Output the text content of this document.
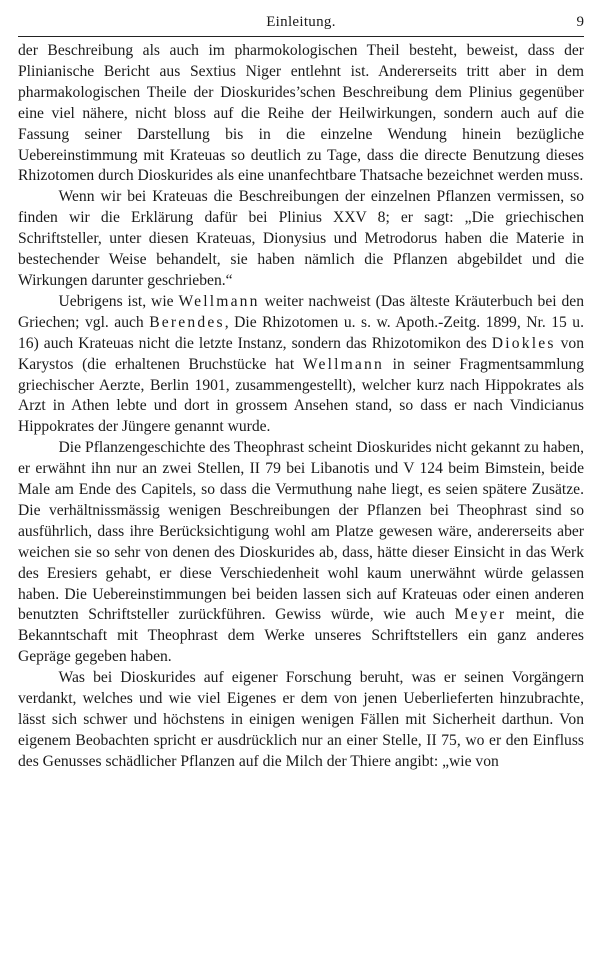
Einleitung.	9

der Beschreibung als auch im pharmokologischen Theil besteht, beweist, dass der Plinianische Bericht aus Sextius Niger entlehnt ist. Andererseits tritt aber in dem pharmakologischen Theile der Dioskurides’schen Beschreibung dem Plinius gegenüber eine viel nähere, nicht bloss auf die Reihe der Heilwirkungen, sondern auch auf die Fassung seiner Darstellung bis in die einzelne Wendung hinein bezügliche Uebereinstimmung mit Krateuas so deutlich zu Tage, dass die directe Benutzung dieses Rhizotomen durch Dioskurides als eine unanfechtbare Thatsache bezeichnet werden muss.

Wenn wir bei Krateuas die Beschreibungen der einzelnen Pflanzen vermissen, so finden wir die Erklärung dafür bei Plinius XXV 8; er sagt: „Die griechischen Schriftsteller, unter diesen Krateuas, Dionysius und Metrodorus haben die Materie in bestechender Weise behandelt, sie haben nämlich die Pflanzen abgebildet und die Wirkungen darunter geschrieben.“

Uebrigens ist, wie Wellmann weiter nachweist (Das älteste Kräuterbuch bei den Griechen; vgl. auch Berendes, Die Rhizotomen u. s. w. Apoth.-Zeitg. 1899, Nr. 15 u. 16) auch Krateuas nicht die letzte Instanz, sondern das Rhizotomikon des Diokles von Karystos (die erhaltenen Bruchstücke hat Wellmann in seiner Fragmentsammlung griechischer Aerzte, Berlin 1901, zusammengestellt), welcher kurz nach Hippokrates als Arzt in Athen lebte und dort in grossem Ansehen stand, so dass er nach Vindicianus Hippokrates der Jüngere genannt wurde.

Die Pflanzengeschichte des Theophrast scheint Dioskurides nicht gekannt zu haben, er erwähnt ihn nur an zwei Stellen, II 79 bei Libanotis und V 124 beim Bimstein, beide Male am Ende des Capitels, so dass die Vermuthung nahe liegt, es seien spätere Zusätze. Die verhältnissmässig wenigen Beschreibungen der Pflanzen bei Theophrast sind so ausführlich, dass ihre Berücksichtigung wohl am Platze gewesen wäre, andererseits aber weichen sie so sehr von denen des Dioskurides ab, dass, hätte dieser Einsicht in das Werk des Eresiers gehabt, er diese Verschiedenheit wohl kaum unerwähnt würde gelassen haben. Die Uebereinstimmungen bei beiden lassen sich auf Krateuas oder einen anderen benutzten Schriftsteller zurückführen. Gewiss würde, wie auch Meyer meint, die Bekanntschaft mit Theophrast dem Werke unseres Schriftstellers ein ganz anderes Gepräge gegeben haben.

Was bei Dioskurides auf eigener Forschung beruht, was er seinen Vorgängern verdankt, welches und wie viel Eigenes er dem von jenen Ueberlieferten hinzubrachte, lässt sich schwer und höchstens in einigen wenigen Fällen mit Sicherheit darthun. Von eigenem Beobachten spricht er ausdrücklich nur an einer Stelle, II 75, wo er den Einfluss des Genusses schädlicher Pflanzen auf die Milch der Thiere angibt: „wie von
